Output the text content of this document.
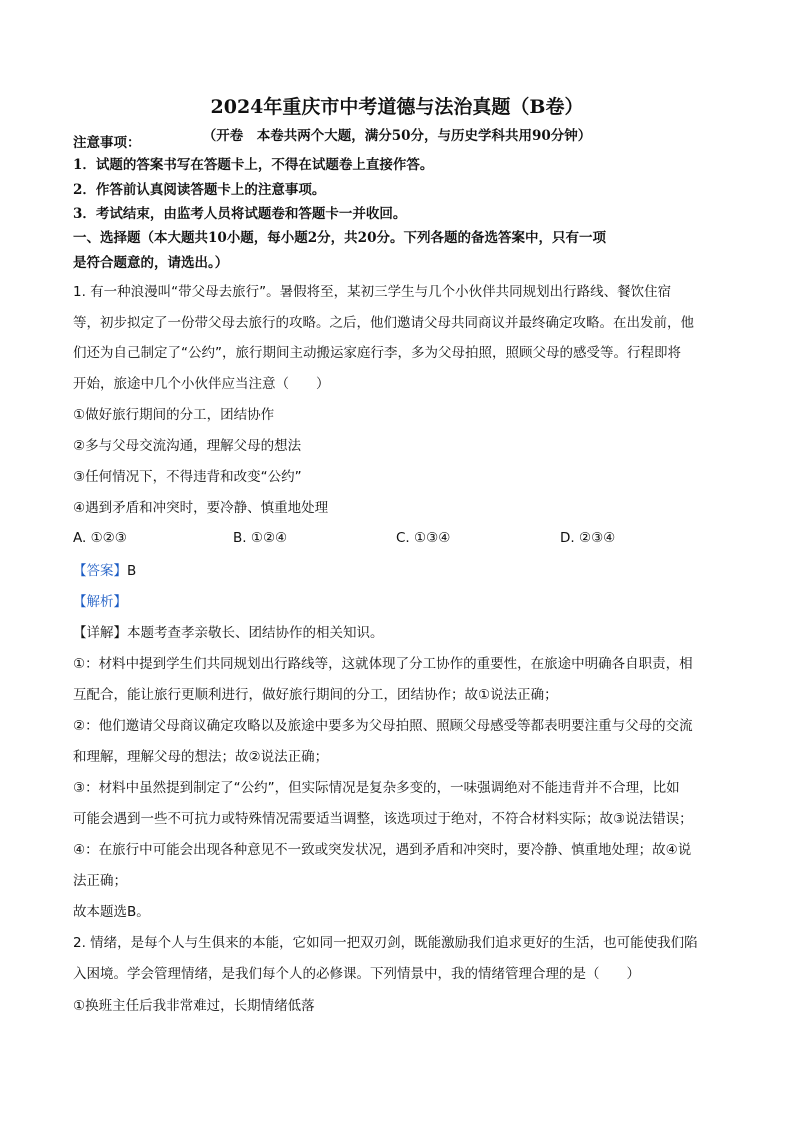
2024年重庆市中考道德与法治真题（B卷）
（开卷　本卷共两个大题，满分50分，与历史学科共用90分钟）
注意事项：
1．试题的答案书写在答题卡上，不得在试题卷上直接作答。
2．作答前认真阅读答题卡上的注意事项。
3．考试结束，由监考人员将试题卷和答题卡一并收回。
一、选择题（本大题共10小题，每小题2分，共20分。下列各题的备选答案中，只有一项
是符合题意的，请选出。）
1. 有一种浪漫叫“带父母去旅行”。暑假将至，某初三学生与几个小伙伴共同规划出行路线、餐饮住宿
等，初步拟定了一份带父母去旅行的攻略。之后，他们邀请父母共同商议并最终确定攻略。在出发前，他
们还为自己制定了“公约”，旅行期间主动搬运家庭行李，多为父母拍照，照顾父母的感受等。行程即将
开始，旅途中几个小伙伴应当注意（　　）
①做好旅行期间的分工，团结协作
②多与父母交流沟通，理解父母的想法
③任何情况下，不得违背和改变“公约”
④遇到矛盾和冲突时，要冷静、慎重地处理
A. ①②③	B. ①②④	C. ①③④	D. ②③④
【答案】B
【解析】
【详解】本题考查孝亲敬长、团结协作的相关知识。
①：材料中提到学生们共同规划出行路线等，这就体现了分工协作的重要性，在旅途中明确各自职责，相
互配合，能让旅行更顺利进行，做好旅行期间的分工，团结协作；故①说法正确；
②：他们邀请父母商议确定攻略以及旅途中要多为父母拍照、照顾父母感受等都表明要注重与父母的交流
和理解，理解父母的想法；故②说法正确；
③：材料中虽然提到制定了“公约”，但实际情况是复杂多变的，一味强调绝对不能违背并不合理，比如
可能会遇到一些不可抗力或特殊情况需要适当调整，该选项过于绝对，不符合材料实际；故③说法错误；
④：在旅行中可能会出现各种意见不一致或突发状况，遇到矛盾和冲突时，要冷静、慎重地处理；故④说
法正确；
故本题选B。
2. 情绪，是每个人与生俱来的本能，它如同一把双刃剑，既能激励我们追求更好的生活，也可能使我们陷
入困境。学会管理情绪，是我们每个人的必修课。下列情景中，我的情绪管理合理的是（　　）
①换班主任后我非常难过，长期情绪低落
